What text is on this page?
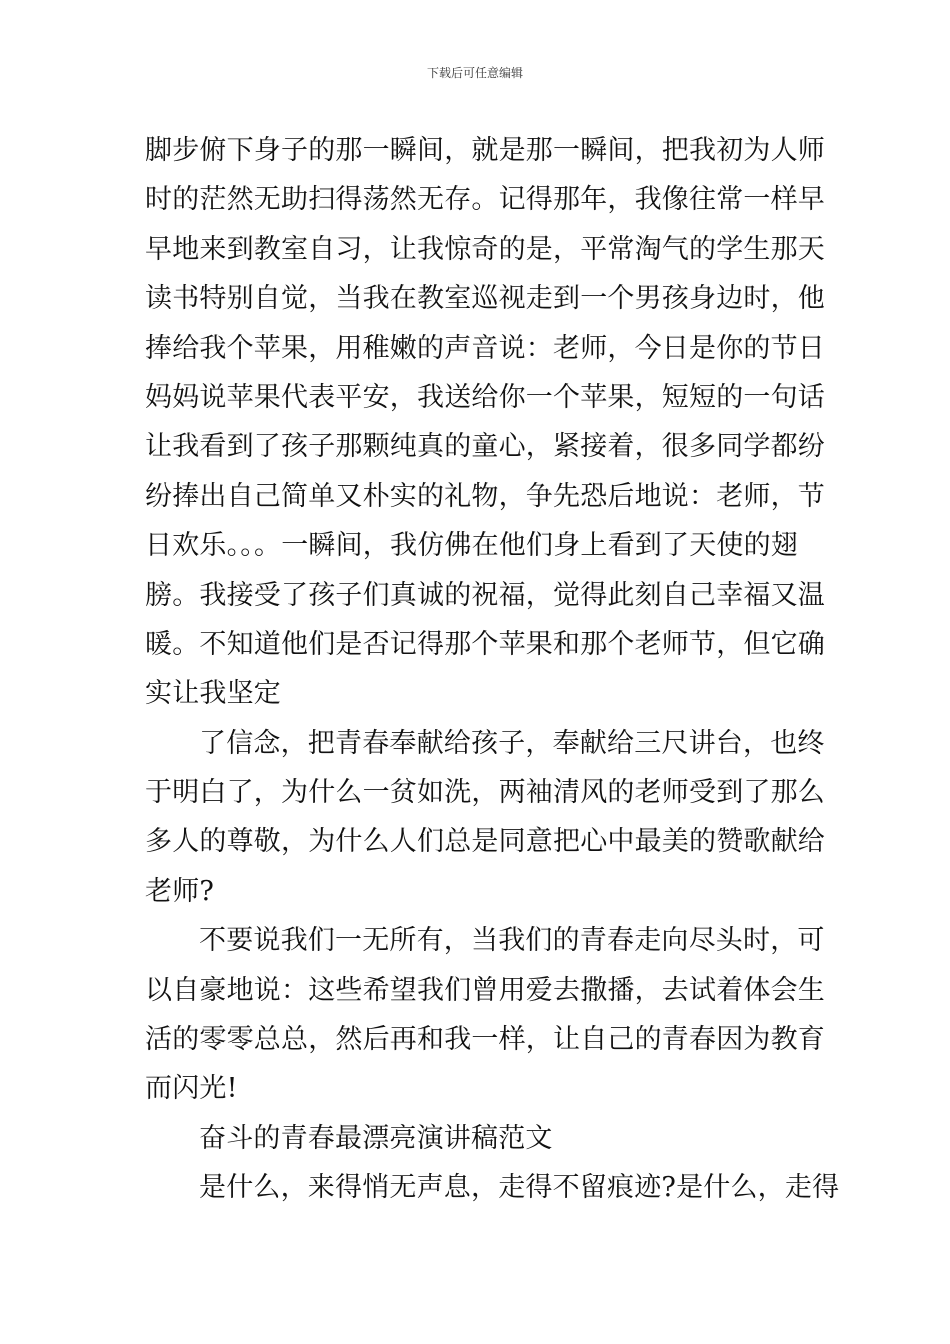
下载后可任意编辑
脚步俯下身子的那一瞬间，就是那一瞬间，把我初为人师
时的茫然无助扫得荡然无存。记得那年，我像往常一样早
早地来到教室自习，让我惊奇的是，平常淘气的学生那天
读书特别自觉，当我在教室巡视走到一个男孩身边时，他
捧给我个苹果，用稚嫩的声音说：老师，今日是你的节日
妈妈说苹果代表平安，我送给你一个苹果，短短的一句话
让我看到了孩子那颗纯真的童心，紧接着，很多同学都纷
纷捧出自己简单又朴实的礼物，争先恐后地说：老师，节
日欢乐。。。一瞬间，我仿佛在他们身上看到了天使的翅
膀。我接受了孩子们真诚的祝福，觉得此刻自己幸福又温
暖。不知道他们是否记得那个苹果和那个老师节，但它确
实让我坚定
了信念，把青春奉献给孩子，奉献给三尺讲台，也终
于明白了，为什么一贫如洗，两袖清风的老师受到了那么
多人的尊敬，为什么人们总是同意把心中最美的赞歌献给
老师?
不要说我们一无所有，当我们的青春走向尽头时，可
以自豪地说：这些希望我们曾用爱去撒播，去试着体会生
活的零零总总，然后再和我一样，让自己的青春因为教育
而闪光!
奋斗的青春最漂亮演讲稿范文
是什么，来得悄无声息，走得不留痕迹?是什么，走得
